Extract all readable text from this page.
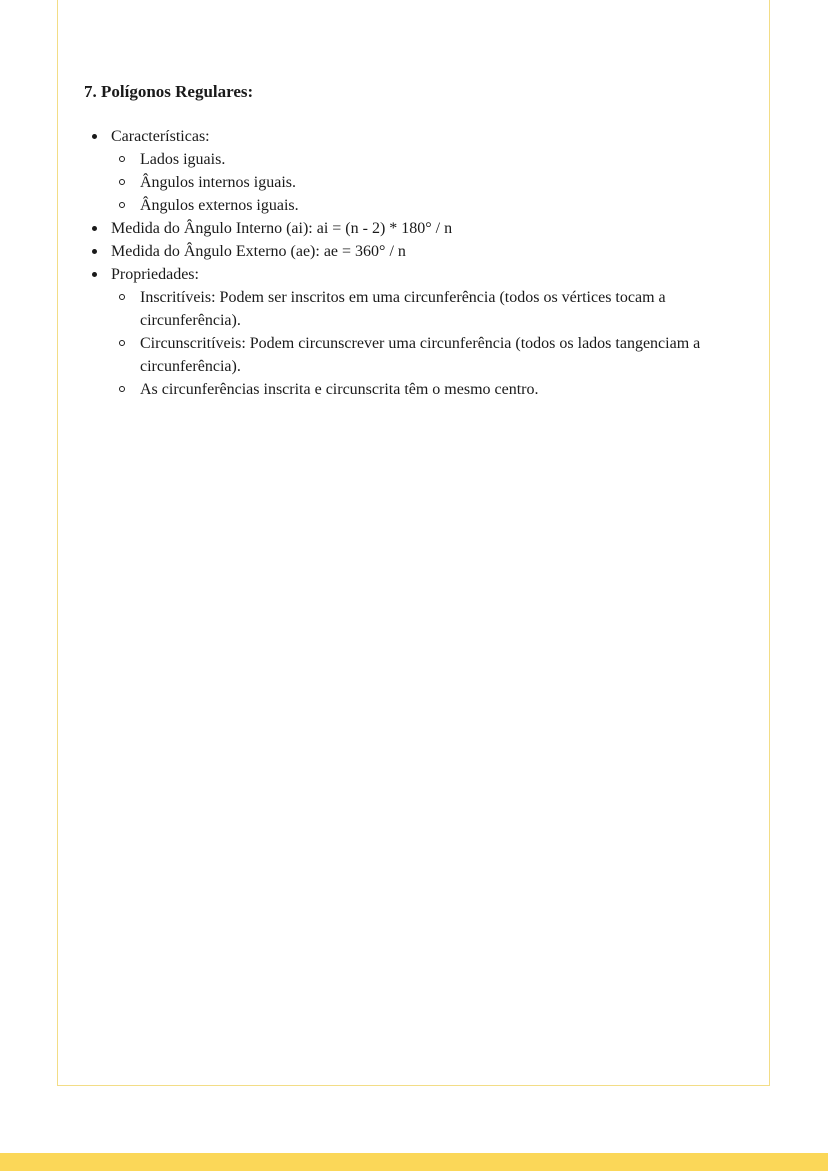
7. Polígonos Regulares:
Características:
Lados iguais.
Ângulos internos iguais.
Ângulos externos iguais.
Medida do Ângulo Interno (ai): ai = (n - 2) * 180° / n
Medida do Ângulo Externo (ae): ae = 360° / n
Propriedades:
Inscritíveis: Podem ser inscritos em uma circunferência (todos os vértices tocam a circunferência).
Circunscritíveis: Podem circunscrever uma circunferência (todos os lados tangenciam a circunferência).
As circunferências inscrita e circunscrita têm o mesmo centro.
